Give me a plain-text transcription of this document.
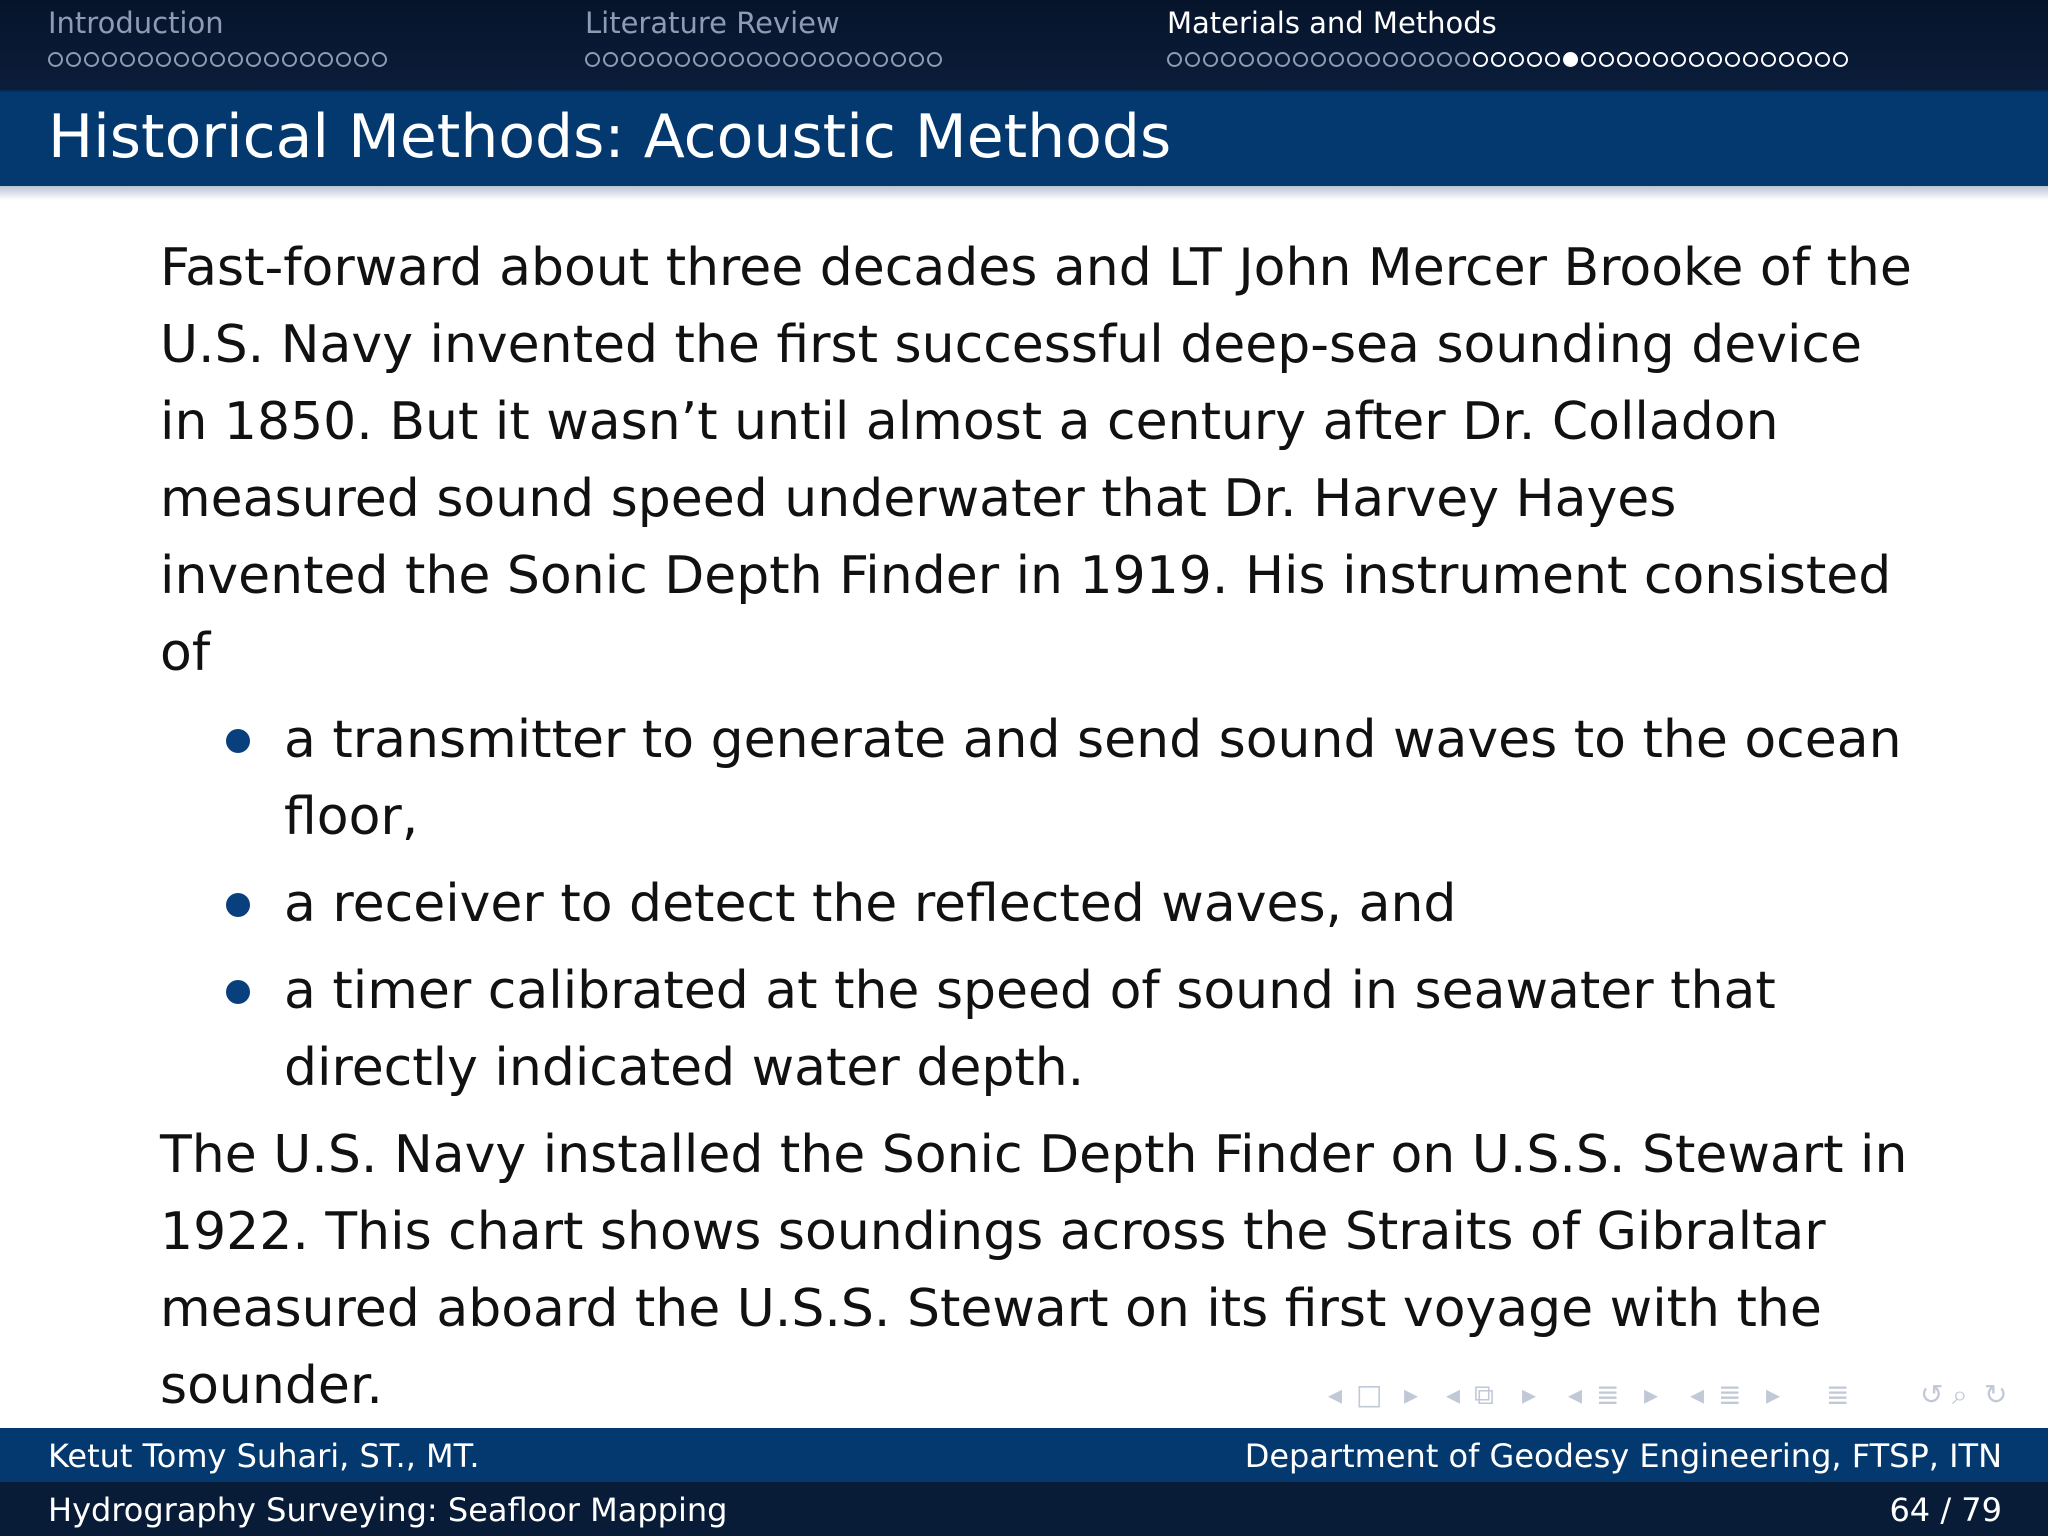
Introduction	Literature Review	Materials and Methods
Historical Methods: Acoustic Methods

Fast-forward about three decades and LT John Mercer Brooke of the U.S. Navy invented the first successful deep-sea sounding device in 1850. But it wasn’t until almost a century after Dr. Colladon measured sound speed underwater that Dr. Harvey Hayes invented the Sonic Depth Finder in 1919. His instrument consisted of

a transmitter to generate and send sound waves to the ocean floor,
a receiver to detect the reflected waves, and
a timer calibrated at the speed of sound in seawater that directly indicated water depth.

The U.S. Navy installed the Sonic Depth Finder on U.S.S. Stewart in 1922. This chart shows soundings across the Straits of Gibraltar measured aboard the U.S.S. Stewart on its first voyage with the sounder.	◂ □ ▸ ◂ ⧉ ▸ ◂ ≣ ▸ ◂ ≣ ▸ ≣	↺ ⌕ ↻
Ketut Tomy Suhari, ST., MT.	Department of Geodesy Engineering, FTSP, ITN
Hydrography Surveying: Seafloor Mapping	64 / 79
